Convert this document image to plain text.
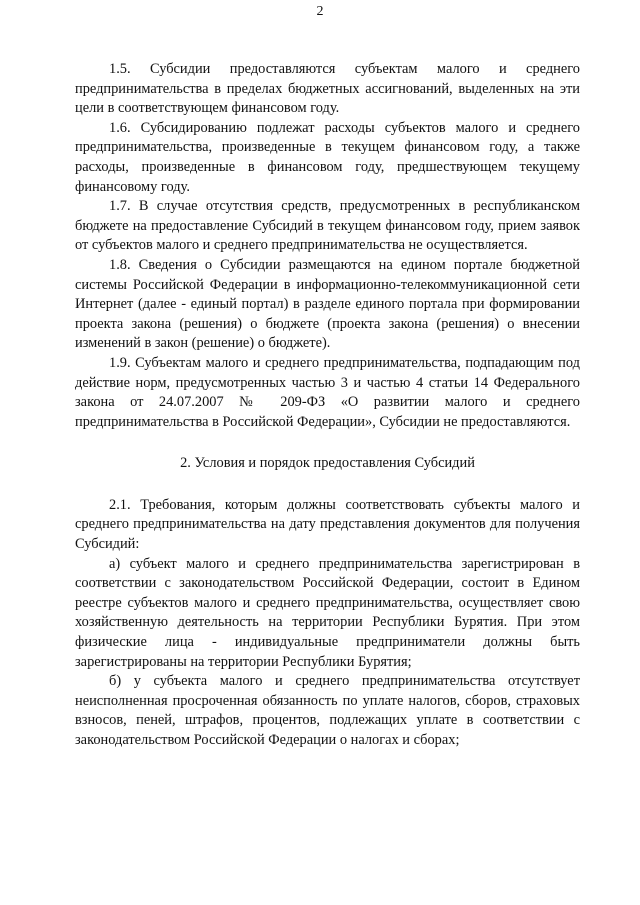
2

1.5. Субсидии предоставляются субъектам малого и среднего предпринимательства в пределах бюджетных ассигнований, выделенных на эти цели в соответствующем финансовом году.

1.6. Субсидированию подлежат расходы субъектов малого и среднего предпринимательства, произведенные в текущем финансовом году, а также расходы, произведенные в финансовом году, предшествующем текущему финансовому году.

1.7. В случае отсутствия средств, предусмотренных в республиканском бюджете на предоставление Субсидий в текущем финансовом году, прием заявок от субъектов малого и среднего предпринимательства не осуществляется.

1.8. Сведения о Субсидии размещаются на едином портале бюджетной системы Российской Федерации в информационно-телекоммуникационной сети Интернет (далее - единый портал) в разделе единого портала при формировании проекта закона (решения) о бюджете (проекта закона (решения) о внесении изменений в закон (решение) о бюджете).

1.9. Субъектам малого и среднего предпринимательства, подпадающим под действие норм, предусмотренных частью 3 и частью 4 статьи 14 Федерального закона от 24.07.2007 № 209-ФЗ «О развитии малого и среднего предпринимательства в Российской Федерации», Субсидии не предоставляются.

2. Условия и порядок предоставления Субсидий

2.1. Требования, которым должны соответствовать субъекты малого и среднего предпринимательства на дату представления документов для получения Субсидий:

а) субъект малого и среднего предпринимательства зарегистрирован в соответствии с законодательством Российской Федерации, состоит в Едином реестре субъектов малого и среднего предпринимательства, осуществляет свою хозяйственную деятельность на территории Республики Бурятия. При этом физические лица - индивидуальные предприниматели должны быть зарегистрированы на территории Республики Бурятия;

б) у субъекта малого и среднего предпринимательства отсутствует неисполненная просроченная обязанность по уплате налогов, сборов, страховых взносов, пеней, штрафов, процентов, подлежащих уплате в соответствии с законодательством Российской Федерации о налогах и сборах;
